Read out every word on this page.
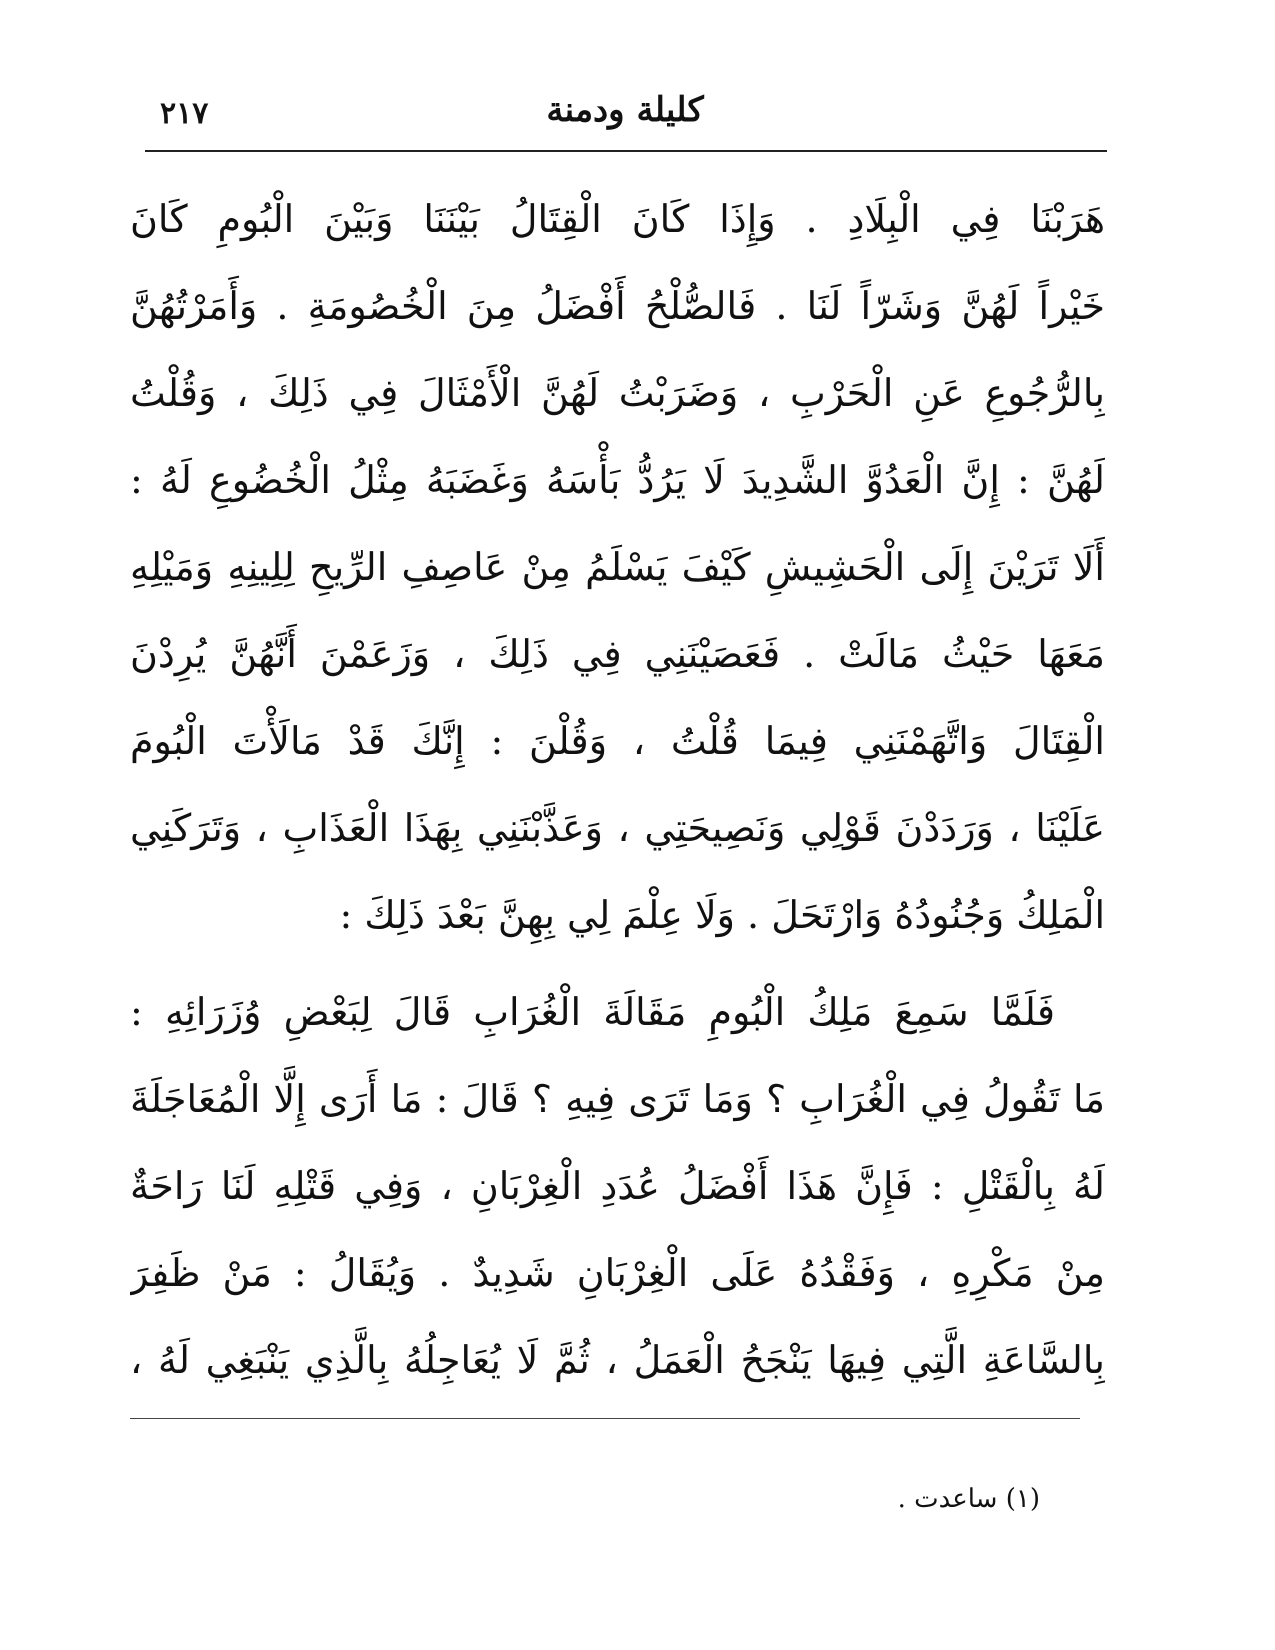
٢١٧	كليلة ودمنة
هَرَبْنَا فِي الْبِلَادِ . وَإِذَا كَانَ الْقِتَالُ بَيْنَنَا وَبَيْنَ الْبُومِ كَانَ
خَيْراً لَهُنَّ وَشَرّاً لَنَا . فَالصُّلْحُ أَفْضَلُ مِنَ الْخُصُومَةِ . وَأَمَرْتُهُنَّ
بِالرُّجُوعِ عَنِ الْحَرْبِ ، وَضَرَبْتُ لَهُنَّ الْأَمْثَالَ فِي ذَلِكَ ، وَقُلْتُ
لَهُنَّ : إِنَّ الْعَدُوَّ الشَّدِيدَ لَا يَرُدُّ بَأْسَهُ وَغَضَبَهُ مِثْلُ الْخُضُوعِ لَهُ :
أَلَا تَرَيْنَ إِلَى الْحَشِيشِ كَيْفَ يَسْلَمُ مِنْ عَاصِفِ الرِّيحِ لِلِينِهِ وَمَيْلِهِ
مَعَهَا حَيْثُ مَالَتْ . فَعَصَيْنَنِي فِي ذَلِكَ ، وَزَعَمْنَ أَنَّهُنَّ يُرِدْنَ
الْقِتَالَ وَاتَّهَمْنَنِي فِيمَا قُلْتُ ، وَقُلْنَ : إِنَّكَ قَدْ مَالَأْتَ الْبُومَ
عَلَيْنَا ، وَرَدَدْنَ قَوْلِي وَنَصِيحَتِي ، وَعَذَّبْنَنِي بِهَذَا الْعَذَابِ ، وَتَرَكَنِي
الْمَلِكُ وَجُنُودُهُ وَارْتَحَلَ . وَلَا عِلْمَ لِي بِهِنَّ بَعْدَ ذَلِكَ :
فَلَمَّا سَمِعَ مَلِكُ الْبُومِ مَقَالَةَ الْغُرَابِ قَالَ لِبَعْضِ وُزَرَائِهِ :
مَا تَقُولُ فِي الْغُرَابِ ؟ وَمَا تَرَى فِيهِ ؟ قَالَ : مَا أَرَى إِلَّا الْمُعَاجَلَةَ
لَهُ بِالْقَتْلِ : فَإِنَّ هَذَا أَفْضَلُ عُدَدِ الْغِرْبَانِ ، وَفِي قَتْلِهِ لَنَا رَاحَةٌ
مِنْ مَكْرِهِ ، وَفَقْدُهُ عَلَى الْغِرْبَانِ شَدِيدٌ . وَيُقَالُ : مَنْ ظَفِرَ
بِالسَّاعَةِ الَّتِي فِيهَا يَنْجَحُ الْعَمَلُ ، ثُمَّ لَا يُعَاجِلُهُ بِالَّذِي يَنْبَغِي لَهُ ،
(١) ساعدت .
